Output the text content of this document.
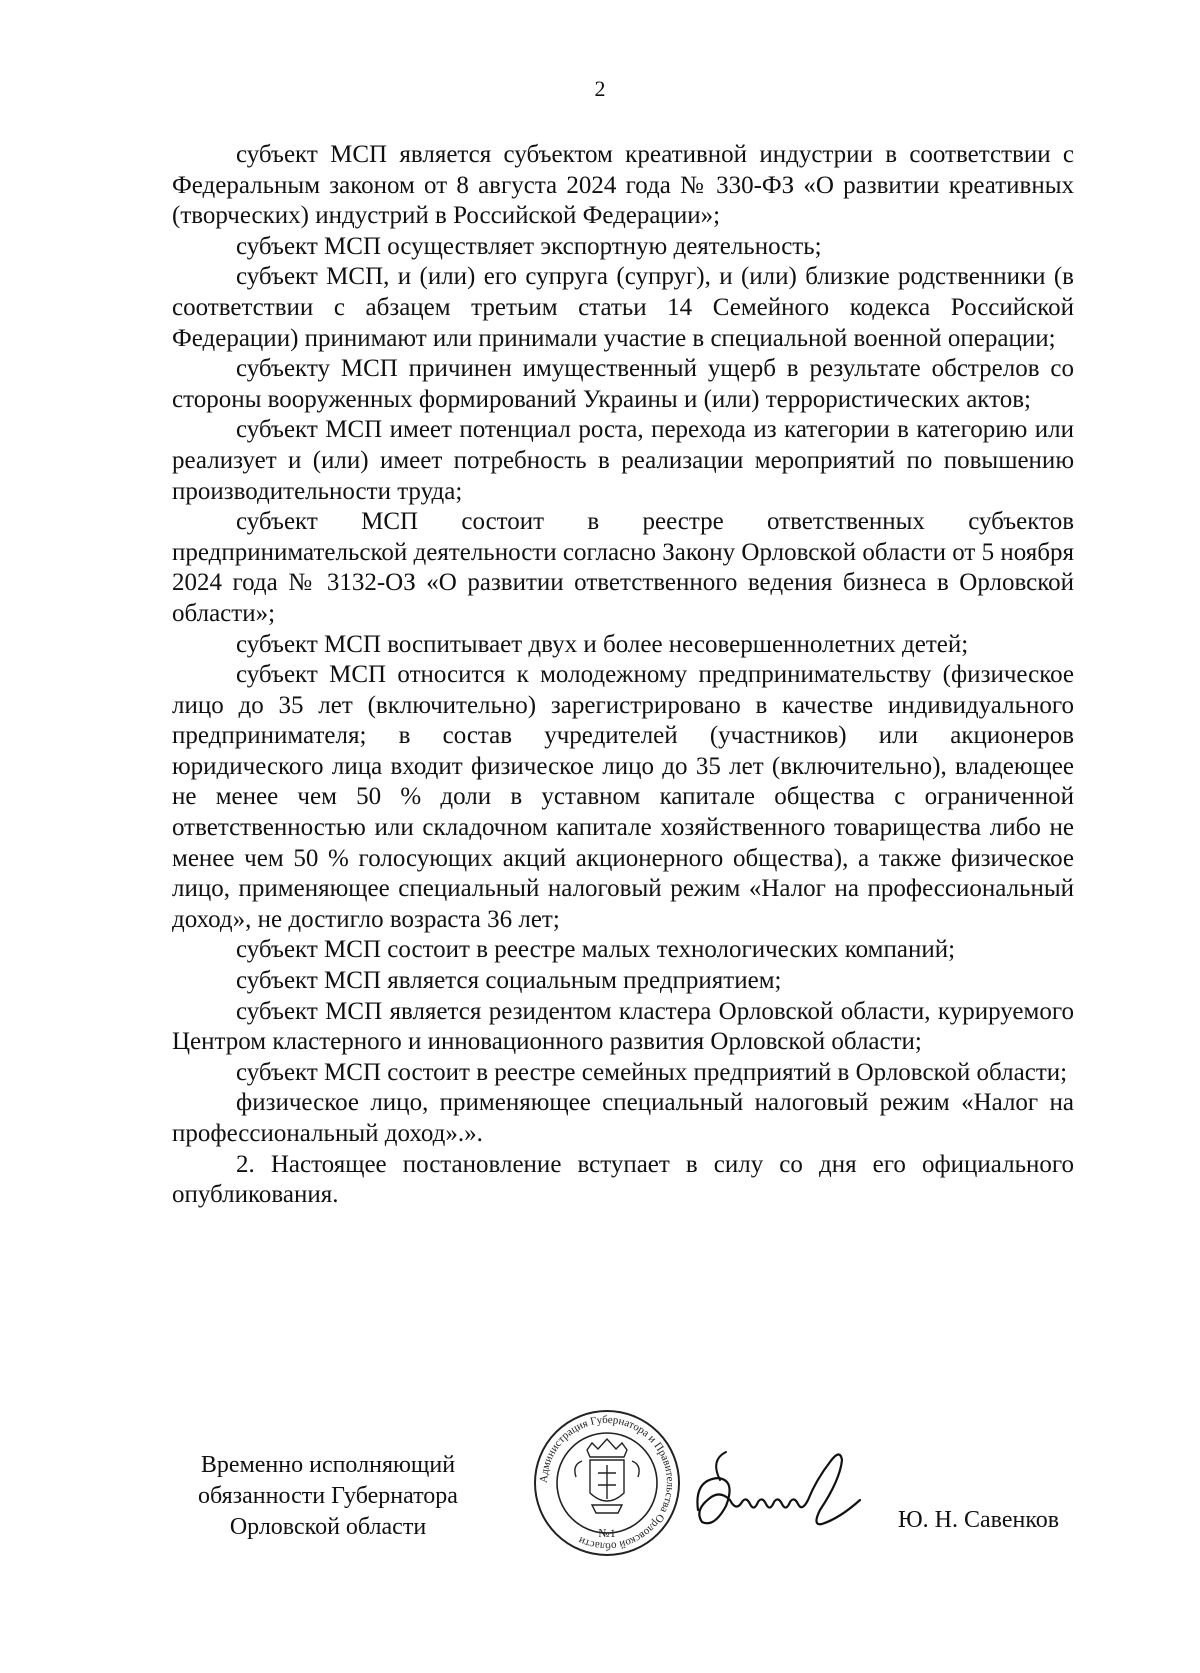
2

субъект МСП является субъектом креативной индустрии в соответствии с Федеральным законом от 8 августа 2024 года № 330-ФЗ «О развитии креативных (творческих) индустрий в Российской Федерации»;

субъект МСП осуществляет экспортную деятельность;

субъект МСП, и (или) его супруга (супруг), и (или) близкие родственники (в соответствии с абзацем третьим статьи 14 Семейного кодекса Российской Федерации) принимают или принимали участие в специальной военной операции;

субъекту МСП причинен имущественный ущерб в результате обстрелов со стороны вооруженных формирований Украины и (или) террористических актов;

субъект МСП имеет потенциал роста, перехода из категории в категорию или реализует и (или) имеет потребность в реализации мероприятий по повышению производительности труда;

субъект МСП состоит в реестре ответственных субъектов предпринимательской деятельности согласно Закону Орловской области от 5 ноября 2024 года № 3132-ОЗ «О развитии ответственного ведения бизнеса в Орловской области»;

субъект МСП воспитывает двух и более несовершеннолетних детей;

субъект МСП относится к молодежному предпринимательству (физическое лицо до 35 лет (включительно) зарегистрировано в качестве индивидуального предпринимателя; в состав учредителей (участников) или акционеров юридического лица входит физическое лицо до 35 лет (включительно), владеющее не менее чем 50 % доли в уставном капитале общества с ограниченной ответственностью или складочном капитале хозяйственного товарищества либо не менее чем 50 % голосующих акций акционерного общества), а также физическое лицо, применяющее специальный налоговый режим «Налог на профессиональный доход», не достигло возраста 36 лет;

субъект МСП состоит в реестре малых технологических компаний;

субъект МСП является социальным предприятием;

субъект МСП является резидентом кластера Орловской области, курируемого Центром кластерного и инновационного развития Орловской области;

субъект МСП состоит в реестре семейных предприятий в Орловской области;

физическое лицо, применяющее специальный налоговый режим «Налог на профессиональный доход».».

2. Настоящее постановление вступает в силу со дня его официального опубликования.

Временно исполняющий
обязанности Губернатора
Орловской области
Администрация Губернатора и Правительства Орловской области
№1	Ю. Н. Савенков
